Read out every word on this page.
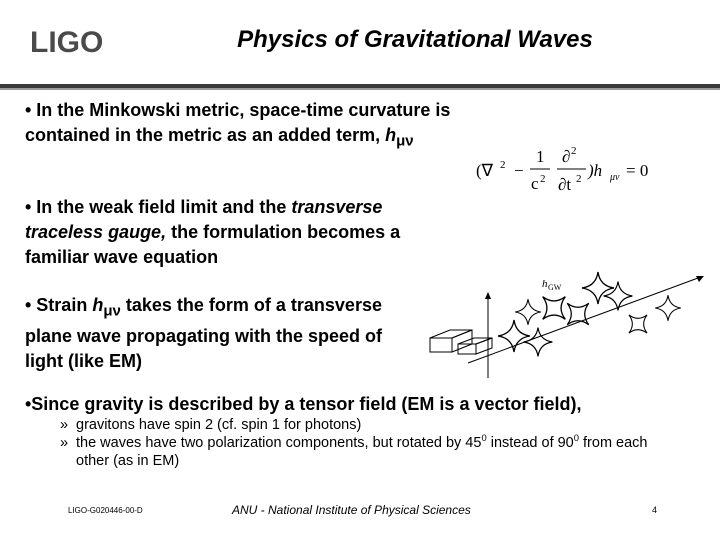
LIGO	Physics of Gravitational Waves
• In the Minkowski metric, space-time curvature is contained in the metric as an added term, $h_{\mu\nu}$
• In the weak field limit and the transverse traceless gauge, the formulation becomes a familiar wave equation
• Strain $h_{\mu\nu}$ takes the form of a transverse plane wave propagating with the speed of light (like EM)
•Since gravity is described by a tensor field (EM is a vector field),
» gravitons have spin 2 (cf. spin 1 for photons)
» the waves have two polarization components, but rotated by $45^0$ instead of $90^0$ from each other (as in EM)
(∇ 2 −
1
c 2
∂ 2
∂t 2 )h μν = 0
h GW
LIGO-G020446-00-D	ANU - National Institute of Physical Sciences	4
